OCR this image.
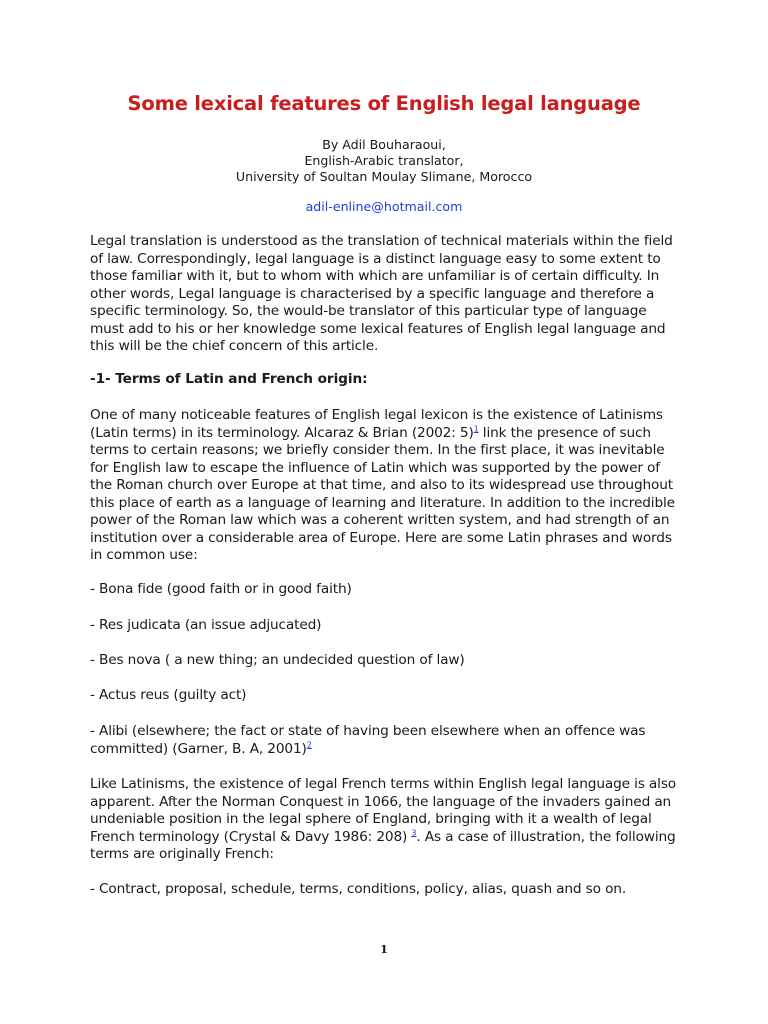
Some lexical features of English legal language
By Adil Bouharaoui,
English-Arabic translator,
University of Soultan Moulay Slimane, Morocco
adil-enline@hotmail.com

Legal translation is understood as the translation of technical materials within the field of law. Correspondingly, legal language is a distinct language easy to some extent to those familiar with it, but to whom with which are unfamiliar is of certain difficulty. In other words, Legal language is characterised by a specific language and therefore a specific terminology. So, the would-be translator of this particular type of language must add to his or her knowledge some lexical features of English legal language and this will be the chief concern of this article.

-1- Terms of Latin and French origin:

One of many noticeable features of English legal lexicon is the existence of Latinisms (Latin terms) in its terminology. Alcaraz & Brian (2002: 5)$^1$ link the presence of such terms to certain reasons; we briefly consider them. In the first place, it was inevitable for English law to escape the influence of Latin which was supported by the power of the Roman church over Europe at that time, and also to its widespread use throughout this place of earth as a language of learning and literature. In addition to the incredible power of the Roman law which was a coherent written system, and had strength of an institution over a considerable area of Europe. Here are some Latin phrases and words in common use:

- Bona fide (good faith or in good faith)

- Res judicata (an issue adjucated)

- Bes nova ( a new thing; an undecided question of law)

- Actus reus (guilty act)

- Alibi (elsewhere; the fact or state of having been elsewhere when an offence was committed) (Garner, B. A, 2001)$^2$

Like Latinisms, the existence of legal French terms within English legal language is also apparent. After the Norman Conquest in 1066, the language of the invaders gained an undeniable position in the legal sphere of England, bringing with it a wealth of legal French terminology (Crystal & Davy 1986: 208) $^3$. As a case of illustration, the following terms are originally French:

- Contract, proposal, schedule, terms, conditions, policy, alias, quash and so on.

1
